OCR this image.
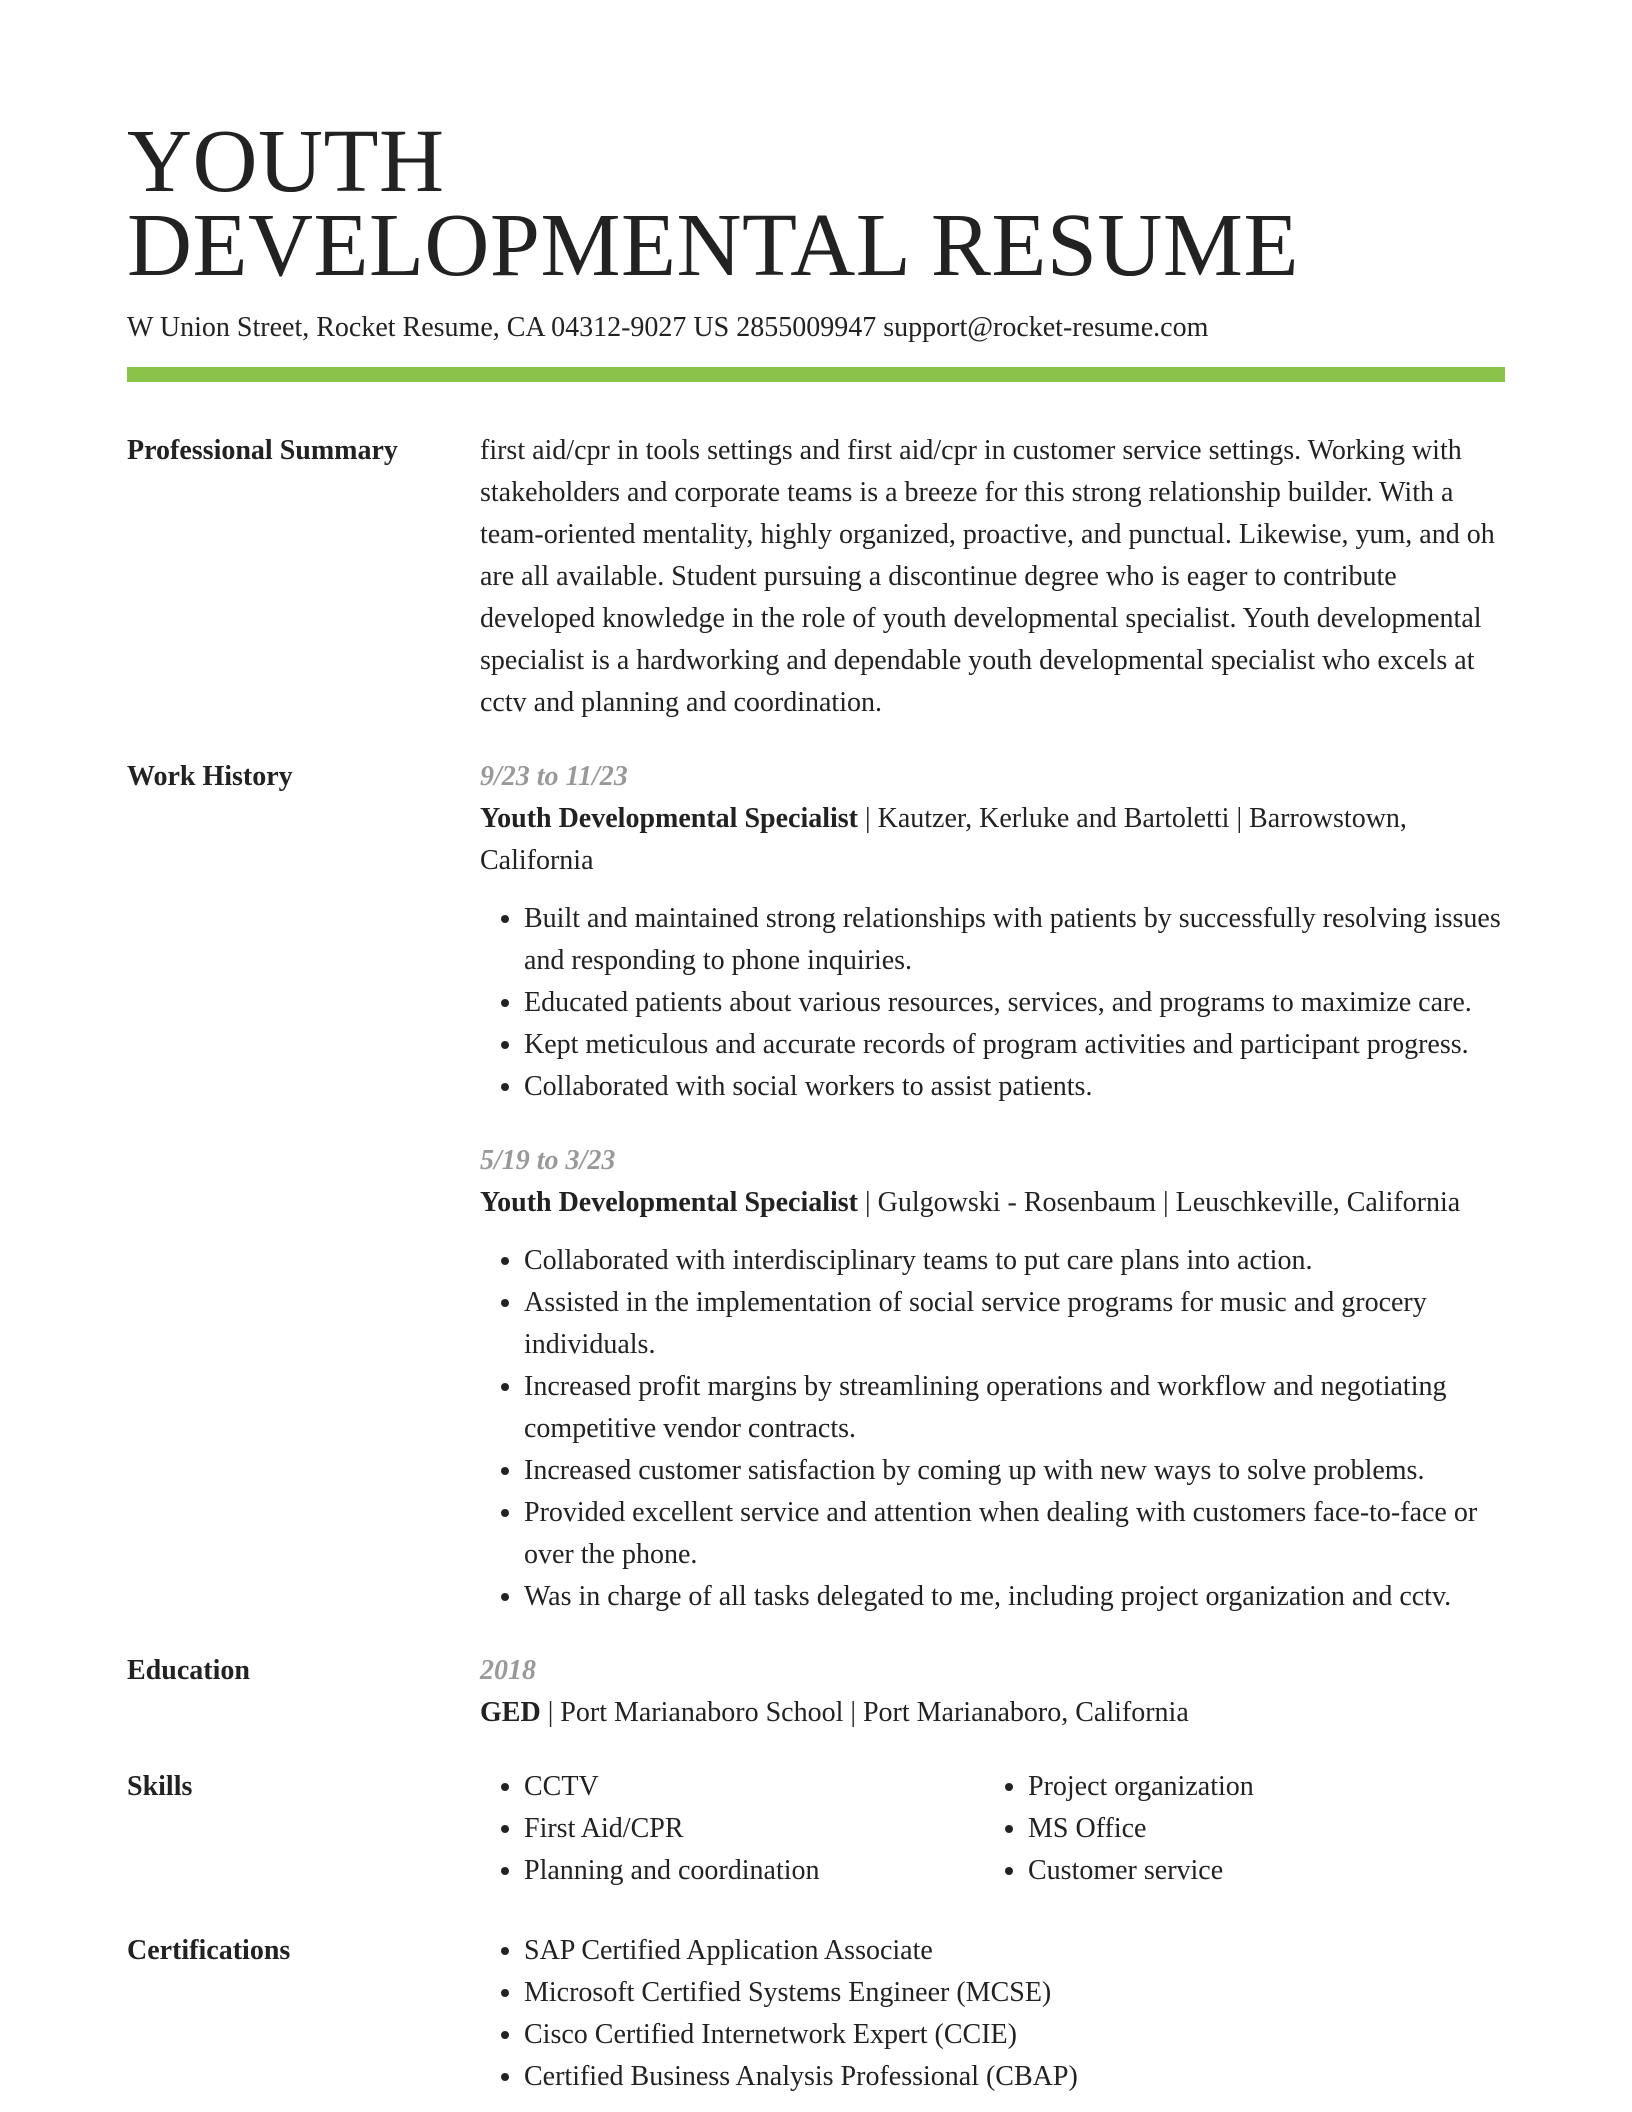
YOUTH
DEVELOPMENTAL RESUME
W Union Street, Rocket Resume, CA 04312-9027 US 2855009947 support@rocket-resume.com
Professional Summary	first aid/cpr in tools settings and first aid/cpr in customer service settings. Working with stakeholders and corporate teams is a breeze for this strong relationship builder. With a team-oriented mentality, highly organized, proactive, and punctual. Likewise, yum, and oh are all available. Student pursuing a discontinue degree who is eager to contribute developed knowledge in the role of youth developmental specialist. Youth developmental specialist is a hardworking and dependable youth developmental specialist who excels at cctv and planning and coordination.
Work History	9/23 to 11/23
Youth Developmental Specialist | Kautzer, Kerluke and Bartoletti | Barrowstown, California
• Built and maintained strong relationships with patients by successfully resolving issues and responding to phone inquiries.
• Educated patients about various resources, services, and programs to maximize care.
• Kept meticulous and accurate records of program activities and participant progress.
• Collaborated with social workers to assist patients.
5/19 to 3/23
Youth Developmental Specialist | Gulgowski - Rosenbaum | Leuschkeville, California
• Collaborated with interdisciplinary teams to put care plans into action.
• Assisted in the implementation of social service programs for music and grocery individuals.
• Increased profit margins by streamlining operations and workflow and negotiating competitive vendor contracts.
• Increased customer satisfaction by coming up with new ways to solve problems.
• Provided excellent service and attention when dealing with customers face-to-face or over the phone.
• Was in charge of all tasks delegated to me, including project organization and cctv.
Education	2018
GED | Port Marianaboro School | Port Marianaboro, California
Skills	• CCTV
• First Aid/CPR
• Planning and coordination
• Project organization
• MS Office
• Customer service
Certifications	• SAP Certified Application Associate
• Microsoft Certified Systems Engineer (MCSE)
• Cisco Certified Internetwork Expert (CCIE)
• Certified Business Analysis Professional (CBAP)
